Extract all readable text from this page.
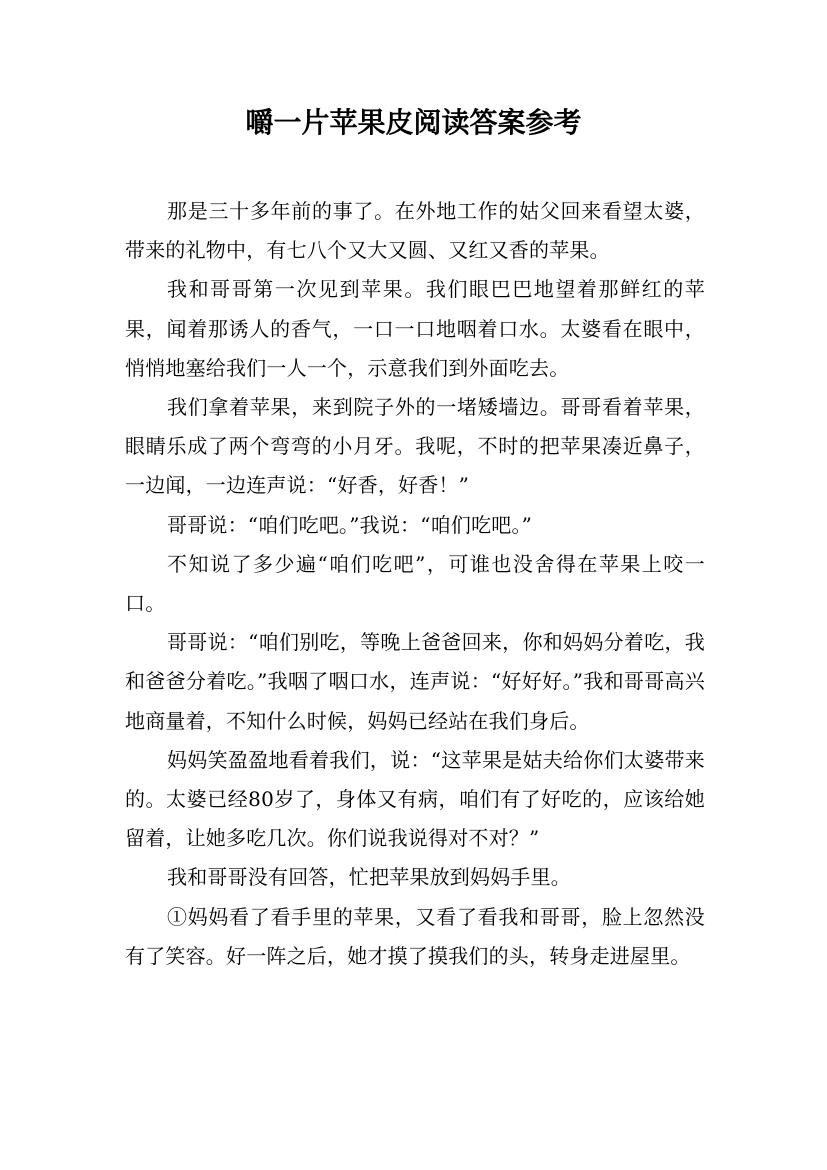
嚼一片苹果皮阅读答案参考

那是三十多年前的事了。在外地工作的姑父回来看望太婆，带来的礼物中，有七八个又大又圆、又红又香的苹果。

我和哥哥第一次见到苹果。我们眼巴巴地望着那鲜红的苹果，闻着那诱人的香气，一口一口地咽着口水。太婆看在眼中，悄悄地塞给我们一人一个，示意我们到外面吃去。

我们拿着苹果，来到院子外的一堵矮墙边。哥哥看着苹果，眼睛乐成了两个弯弯的小月牙。我呢，不时的把苹果凑近鼻子，一边闻，一边连声说：“好香，好香！”

哥哥说：“咱们吃吧。”我说：“咱们吃吧。”

不知说了多少遍“咱们吃吧”，可谁也没舍得在苹果上咬一口。

哥哥说：“咱们别吃，等晚上爸爸回来，你和妈妈分着吃，我和爸爸分着吃。”我咽了咽口水，连声说：“好好好。”我和哥哥高兴地商量着，不知什么时候，妈妈已经站在我们身后。

妈妈笑盈盈地看着我们，说：“这苹果是姑夫给你们太婆带来的。太婆已经80岁了，身体又有病，咱们有了好吃的，应该给她留着，让她多吃几次。你们说我说得对不对？”

我和哥哥没有回答，忙把苹果放到妈妈手里。

①妈妈看了看手里的苹果，又看了看我和哥哥，脸上忽然没有了笑容。好一阵之后，她才摸了摸我们的头，转身走进屋里。
